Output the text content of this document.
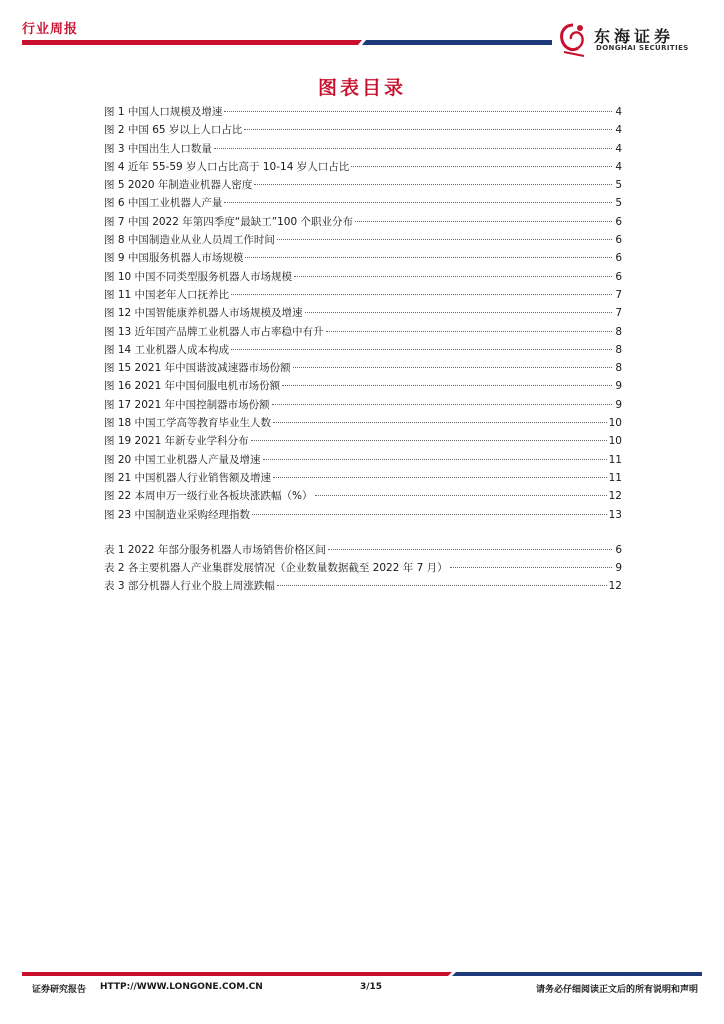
行业周报	东海证券
DONGHAI SECURITIES
图表目录
图 1 中国人口规模及增速	4
图 2 中国 65 岁以上人口占比	4
图 3 中国出生人口数量	4
图 4 近年 55-59 岁人口占比高于 10-14 岁人口占比	4
图 5 2020 年制造业机器人密度	5
图 6 中国工业机器人产量	5
图 7 中国 2022 年第四季度“最缺工”100 个职业分布	6
图 8 中国制造业从业人员周工作时间	6
图 9 中国服务机器人市场规模	6
图 10 中国不同类型服务机器人市场规模	6
图 11 中国老年人口抚养比	7
图 12 中国智能康养机器人市场规模及增速	7
图 13 近年国产品牌工业机器人市占率稳中有升	8
图 14 工业机器人成本构成	8
图 15 2021 年中国谐波减速器市场份额	8
图 16 2021 年中国伺服电机市场份额	9
图 17 2021 年中国控制器市场份额	9
图 18 中国工学高等教育毕业生人数	10
图 19 2021 年新专业学科分布	10
图 20 中国工业机器人产量及增速	11
图 21 中国机器人行业销售额及增速	11
图 22 本周申万一级行业各板块涨跌幅（%）	12
图 23 中国制造业采购经理指数	13
表 1 2022 年部分服务机器人市场销售价格区间	6
表 2 各主要机器人产业集群发展情况（企业数量数据截至 2022 年 7 月）	9
表 3 部分机器人行业个股上周涨跌幅	12
证券研究报告 HTTP://WWW.LONGONE.COM.CN	3/15	请务必仔细阅读正文后的所有说明和声明
